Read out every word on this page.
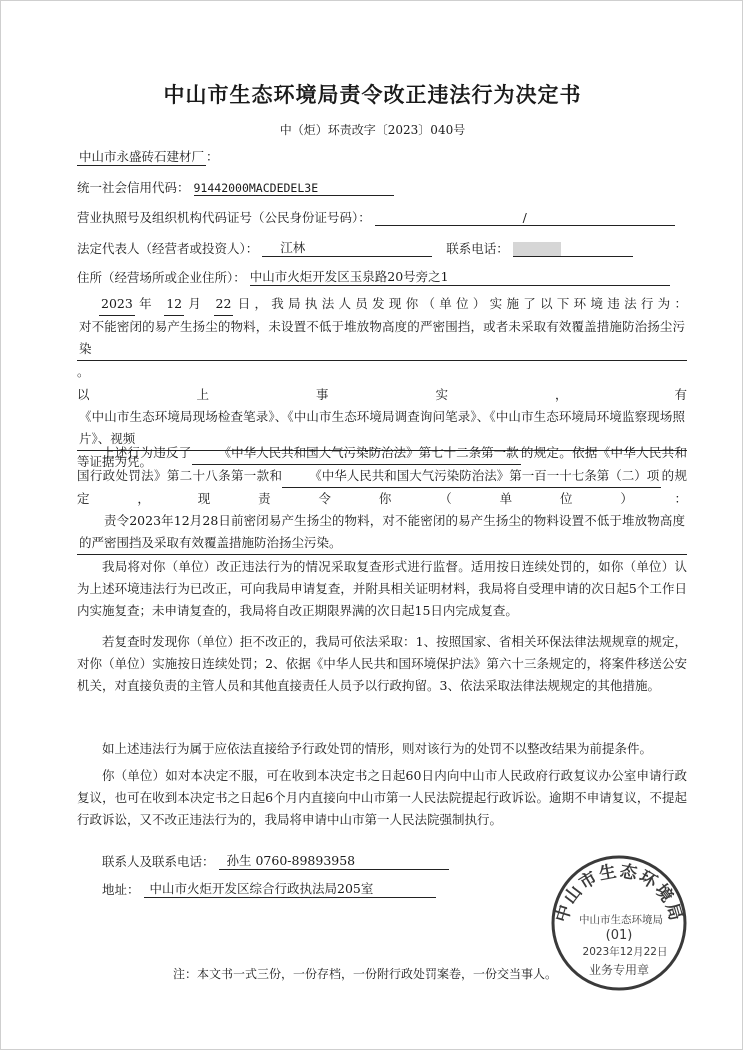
中山市生态环境局责令改正违法行为决定书
中（炬）环责改字〔2023〕040号
中山市永盛砖石建材厂 ：
统一社会信用代码： 91442000MACDEDEL3E
营业执照号及组织机构代码证号（公民身份证号码）：	/
法定代表人（经营者或投资人）： 江林	联系电话：
住所（经营场所或企业住所）： 中山市火炬开发区玉泉路20号旁之1
2023 年 12 月 22 日，我局执法人员发现你（单位）实施了以下环境违法行为：对不能密闭的易产生扬尘的物料，未设置不低于堆放物高度的严密围挡，或者未采取有效覆盖措施防治扬尘污染。
以上事实，有《中山市生态环境局现场检查笔录》、《中山市生态环境局调查询问笔录》、《中山市生态环境局环境监察现场照片》、视频等证据为凭。
上述行为违反了 《中华人民共和国大气污染防治法》第七十二条第一款 的规定。依据《中华人民共和国行政处罚法》第二十八条第一款和 《中华人民共和国大气污染防治法》第一百一十七条第（二）项 的规定，现责令你（单位）：责令2023年12月28日前密闭易产生扬尘的物料，对不能密闭的易产生扬尘的物料设置不低于堆放物高度的严密围挡及采取有效覆盖措施防治扬尘污染。
我局将对你（单位）改正违法行为的情况采取复查形式进行监督。适用按日连续处罚的，如你（单位）认为上述环境违法行为已改正，可向我局申请复查，并附具相关证明材料，我局将自受理申请的次日起5个工作日内实施复查；未申请复查的，我局将自改正期限界满的次日起15日内完成复查。
若复查时发现你（单位）拒不改正的，我局可依法采取：1、按照国家、省相关环保法律法规规章的规定，对你（单位）实施按日连续处罚；2、依据《中华人民共和国环境保护法》第六十三条规定的，将案件移送公安机关，对直接负责的主管人员和其他直接责任人员予以行政拘留。3、依法采取法律法规规定的其他措施。
如上述违法行为属于应依法直接给予行政处罚的情形，则对该行为的处罚不以整改结果为前提条件。
你（单位）如对本决定不服，可在收到本决定书之日起60日内向中山市人民政府行政复议办公室申请行政复议，也可在收到本决定书之日起6个月内直接向中山市第一人民法院提起行政诉讼。逾期不申请复议，不提起行政诉讼，又不改正违法行为的，我局将申请中山市第一人民法院强制执行。
联系人及联系电话： 孙生 0760-89893958
地址： 中山市火炬开发区综合行政执法局205室
中山市生态环境局
中山市生态环境局
(01)
2023年12月22日
业务专用章
注：本文书一式三份，一份存档，一份附行政处罚案卷，一份交当事人。
